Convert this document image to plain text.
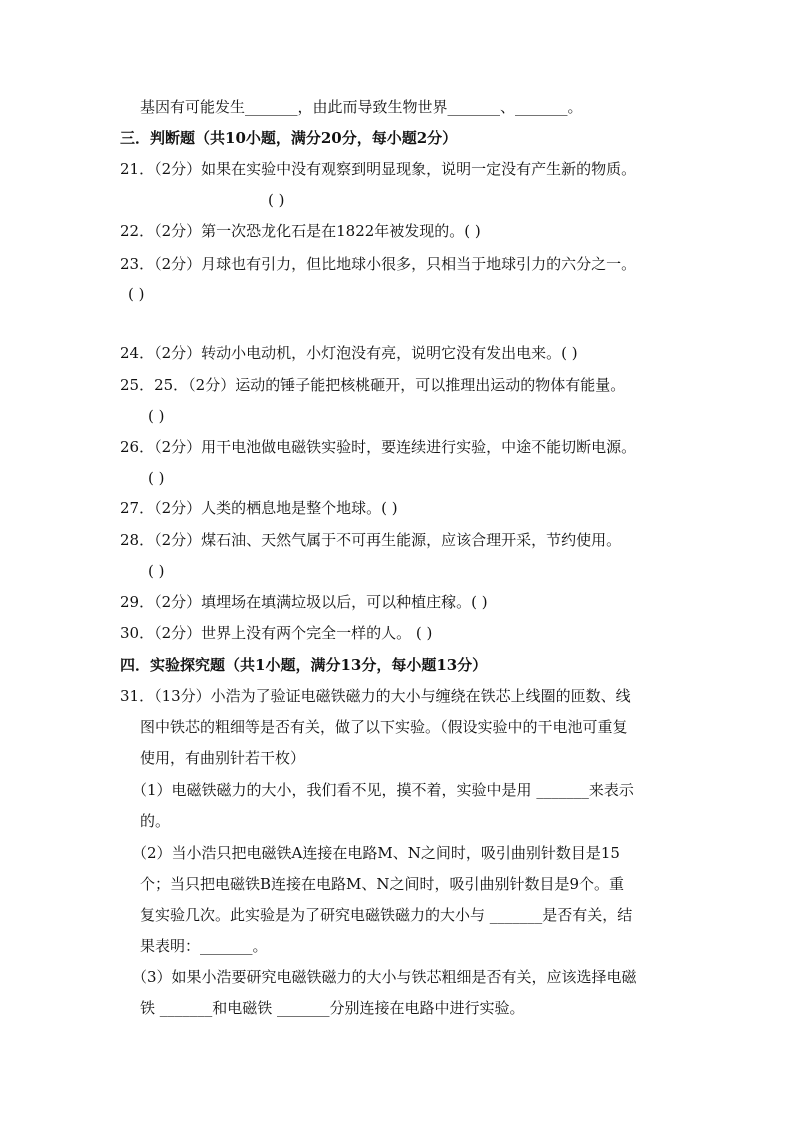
基因有可能发生_______，由此而导致生物世界_______、_______。
三．判断题（共10小题，满分20分，每小题2分）
21．（2分）如果在实验中没有观察到明显现象，说明一定没有产生新的物质。
( )
22．（2分）第一次恐龙化石是在1822年被发现的。( )
23．（2分）月球也有引力，但比地球小很多，只相当于地球引力的六分之一。
( )
24．（2分）转动小电动机，小灯泡没有亮，说明它没有发出电来。( )
25．25．（2分）运动的锤子能把核桃砸开，可以推理出运动的物体有能量。
( )
26．（2分）用干电池做电磁铁实验时，要连续进行实验，中途不能切断电源。
( )
27．（2分）人类的栖息地是整个地球。( )
28．（2分）煤石油、天然气属于不可再生能源，应该合理开采，节约使用。
( )
29．（2分）填埋场在填满垃圾以后，可以种植庄稼。( )
30．（2分）世界上没有两个完全一样的人。 ( )
四．实验探究题（共1小题，满分13分，每小题13分）
31．（13分）小浩为了验证电磁铁磁力的大小与缠绕在铁芯上线圈的匝数、线
图中铁芯的粗细等是否有关，做了以下实验。（假设实验中的干电池可重复
使用，有曲别针若干枚）
（1）电磁铁磁力的大小，我们看不见，摸不着，实验中是用 _______来表示
的。
（2）当小浩只把电磁铁A连接在电路M、N之间时，吸引曲别针数目是15
个；当只把电磁铁B连接在电路M、N之间时，吸引曲别针数目是9个。重
复实验几次。此实验是为了研究电磁铁磁力的大小与 _______是否有关，结
果表明：_______。
（3）如果小浩要研究电磁铁磁力的大小与铁芯粗细是否有关，应该选择电磁
铁 _______和电磁铁 _______分别连接在电路中进行实验。
